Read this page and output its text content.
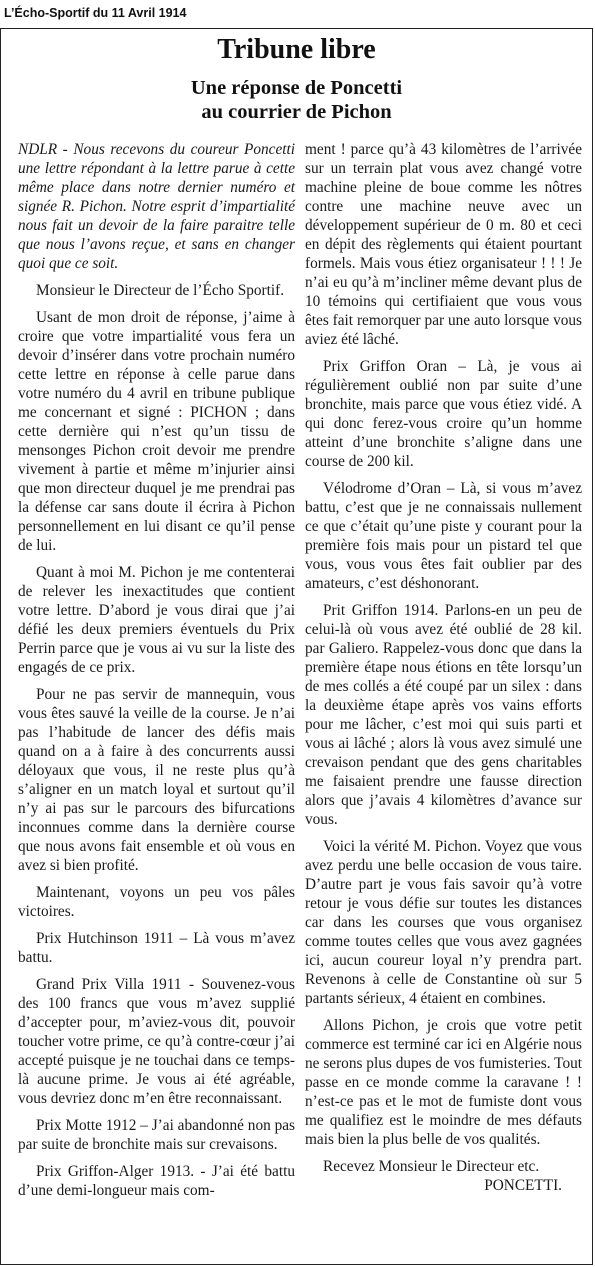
L’Écho-Sportif du 11 Avril 1914
Tribune libre
Une réponse de Poncetti
au courrier de Pichon

NDLR - Nous recevons du coureur Poncetti une lettre répondant à la lettre parue à cette même place dans notre dernier numéro et signée R. Pichon. Notre esprit d’impartialité nous fait un devoir de la faire paraitre telle que nous l’avons reçue, et sans en changer quoi que ce soit.

Monsieur le Directeur de l’Écho Sportif.

Usant de mon droit de réponse, j’aime à croire que votre impartialité vous fera un devoir d’insérer dans votre prochain numéro cette lettre en réponse à celle parue dans votre numéro du 4 avril en tribune publique me concernant et signé : PICHON ; dans cette dernière qui n’est qu’un tissu de mensonges Pichon croit devoir me prendre vivement à partie et même m’injurier ainsi que mon directeur duquel je me prendrai pas la défense car sans doute il écrira à Pichon personnellement en lui disant ce qu’il pense de lui.

Quant à moi M. Pichon je me contenterai de relever les inexactitudes que contient votre lettre. D’abord je vous dirai que j’ai défié les deux premiers éventuels du Prix Perrin parce que je vous ai vu sur la liste des engagés de ce prix.

Pour ne pas servir de mannequin, vous vous êtes sauvé la veille de la course. Je n’ai pas l’habitude de lancer des défis mais quand on a à faire à des concurrents aussi déloyaux que vous, il ne reste plus qu’à s’aligner en un match loyal et surtout qu’il n’y ai pas sur le parcours des bifurcations inconnues comme dans la dernière course que nous avons fait ensemble et où vous en avez si bien profité.

Maintenant, voyons un peu vos pâles victoires.

Prix Hutchinson 1911 – Là vous m’avez battu.

Grand Prix Villa 1911 - Souvenez-vous des 100 francs que vous m’avez supplié d’accepter pour, m’aviez-vous dit, pouvoir toucher votre prime, ce qu’à contre-cœur j’ai accepté puisque je ne touchai dans ce temps-là aucune prime. Je vous ai été agréable, vous devriez donc m’en être reconnaissant.

Prix Motte 1912 – J’ai abandonné non pas par suite de bronchite mais sur crevaisons.

Prix Griffon-Alger 1913. - J’ai été battu d’une demi-longueur mais com-

ment ! parce qu’à 43 kilomètres de l’arrivée sur un terrain plat vous avez changé votre machine pleine de boue comme les nôtres contre une machine neuve avec un développement supérieur de 0 m. 80 et ceci en dépit des règlements qui étaient pourtant formels. Mais vous étiez organisateur ! ! ! Je n’ai eu qu’à m’incliner même devant plus de 10 témoins qui certifiaient que vous vous êtes fait remorquer par une auto lorsque vous aviez été lâché.

Prix Griffon Oran – Là, je vous ai régulièrement oublié non par suite d’une bronchite, mais parce que vous étiez vidé. A qui donc ferez-vous croire qu’un homme atteint d’une bronchite s’aligne dans une course de 200 kil.

Vélodrome d’Oran – Là, si vous m’avez battu, c’est que je ne connaissais nullement ce que c’était qu’une piste y courant pour la première fois mais pour un pistard tel que vous, vous vous êtes fait oublier par des amateurs, c’est déshonorant.

Prit Griffon 1914. Parlons-en un peu de celui-là où vous avez été oublié de 28 kil. par Galiero. Rappelez-vous donc que dans la première étape nous étions en tête lorsqu’un de mes collés a été coupé par un silex : dans la deuxième étape après vos vains efforts pour me lâcher, c’est moi qui suis parti et vous ai lâché ; alors là vous avez simulé une crevaison pendant que des gens charitables me faisaient prendre une fausse direction alors que j’avais 4 kilomètres d’avance sur vous.

Voici la vérité M. Pichon. Voyez que vous avez perdu une belle occasion de vous taire. D’autre part je vous fais savoir qu’à votre retour je vous défie sur toutes les distances car dans les courses que vous organisez comme toutes celles que vous avez gagnées ici, aucun coureur loyal n’y prendra part. Revenons à celle de Constantine où sur 5 partants sérieux, 4 étaient en combines.

Allons Pichon, je crois que votre petit commerce est terminé car ici en Algérie nous ne serons plus dupes de vos fumisteries. Tout passe en ce monde comme la caravane ! ! n’est-ce pas et le mot de fumiste dont vous me qualifiez est le moindre de mes défauts mais bien la plus belle de vos qualités.

Recevez Monsieur le Directeur etc.

PONCETTI.
